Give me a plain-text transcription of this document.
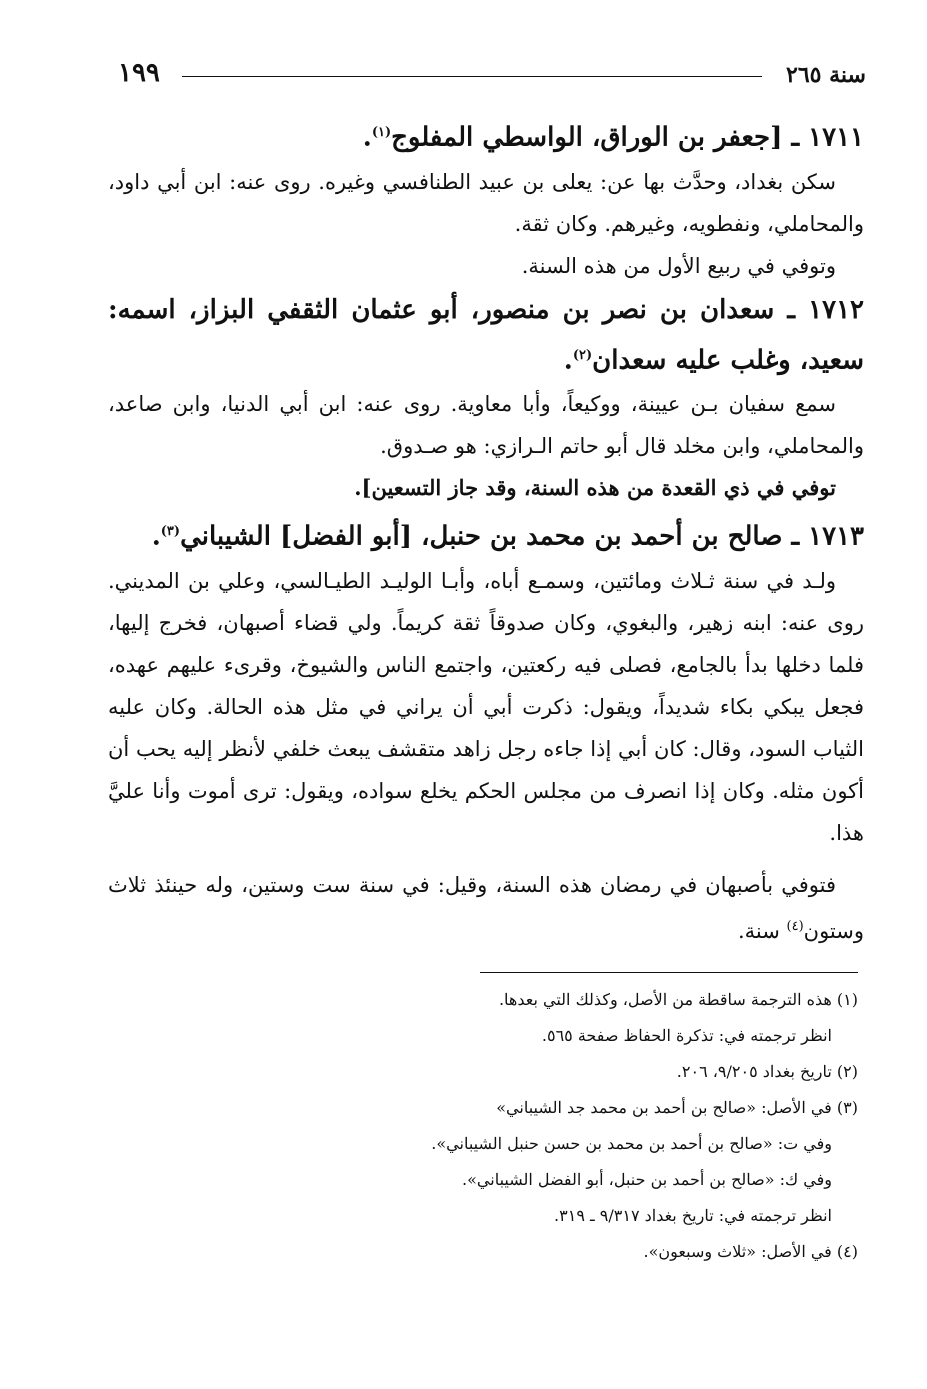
١٩٩	سنة ٢٦٥

١٧١١ ـ [جعفر بن الوراق، الواسطي المفلوج$^{(١)}$.

سكن بغداد، وحدَّث بها عن: يعلى بن عبيد الطنافسي وغيره. روى عنه: ابن أبي داود، والمحاملي، ونفطويه، وغيرهم. وكان ثقة.

وتوفي في ربيع الأول من هذه السنة.

١٧١٢ ـ سعدان بن نصر بن منصور، أبو عثمان الثقفي البزاز، اسمه: سعيد، وغلب عليه سعدان$^{(٢)}$.

سمع سفيان بـن عيينة، ووكيعاً، وأبا معاوية. روى عنه: ابن أبي الدنيا، وابن صاعد، والمحاملي، وابن مخلد قال أبو حاتم الـرازي: هو صـدوق.

توفي في ذي القعدة من هذه السنة، وقد جاز التسعين].

١٧١٣ ـ صالح بن أحمد بن محمد بن حنبل، [أبو الفضل] الشيباني$^{(٣)}$.

ولـد في سنة ثـلاث ومائتين، وسمـع أباه، وأبـا الوليـد الطيـالسي، وعلي بن المديني. روى عنه: ابنه زهير، والبغوي، وكان صدوقاً ثقة كريماً. ولي قضاء أصبهان، فخرج إليها، فلما دخلها بدأ بالجامع، فصلى فيه ركعتين، واجتمع الناس والشيوخ، وقرىء عليهم عهده، فجعل يبكي بكاء شديداً، ويقول: ذكرت أبي أن يراني في مثل هذه الحالة. وكان عليه الثياب السود، وقال: كان أبي إذا جاءه رجل زاهد متقشف يبعث خلفي لأنظر إليه يحب أن أكون مثله. وكان إذا انصرف من مجلس الحكم يخلع سواده، ويقول: ترى أموت وأنا عليَّ هذا.

فتوفي بأصبهان في رمضان هذه السنة، وقيل: في سنة ست وستين، وله حينئذ ثلاث وستون$^{(٤)}$ سنة.

(١) هذه الترجمة ساقطة من الأصل، وكذلك التي بعدها.

انظر ترجمته في: تذكرة الحفاظ صفحة ٥٦٥.

(٢) تاريخ بغداد ٩/٢٠٥، ٢٠٦.

(٣) في الأصل: «صالح بن أحمد بن محمد جد الشيباني»

وفي ت: «صالح بن أحمد بن محمد بن حسن حنبل الشيباني».

وفي ك: «صالح بن أحمد بن حنبل، أبو الفضل الشيباني».

انظر ترجمته في: تاريخ بغداد ٩/٣١٧ ـ ٣١٩.

(٤) في الأصل: «ثلاث وسبعون».
